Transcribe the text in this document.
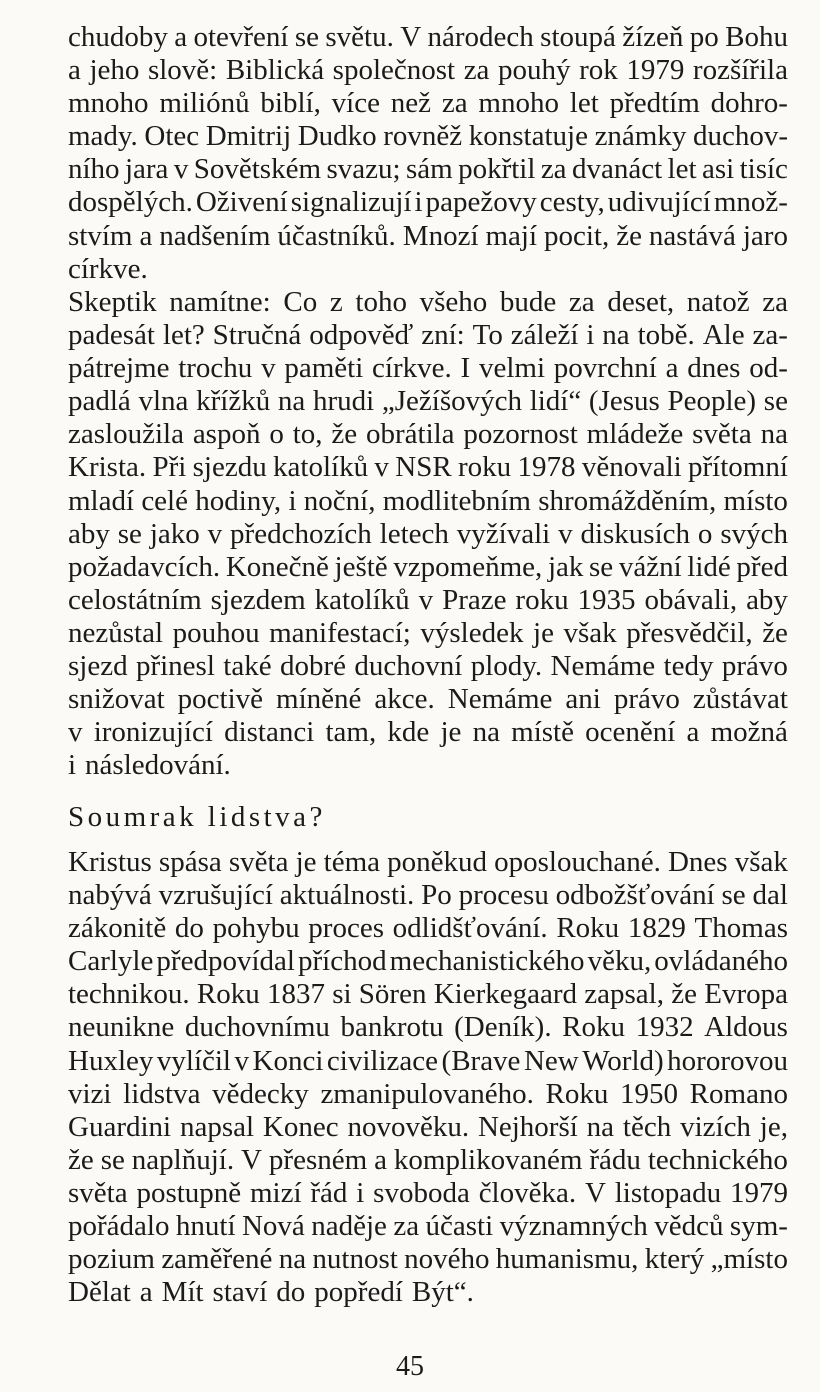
chudoby a otevření se světu. V národech stoupá žízeň po Bohu
a jeho slově: Biblická společnost za pouhý rok 1979 rozšířila
mnoho miliónů biblí, více než za mnoho let předtím dohro-
mady. Otec Dmitrij Dudko rovněž konstatuje známky duchov-
ního jara v Sovětském svazu; sám pokřtil za dvanáct let asi tisíc
dospělých. Oživení signalizují i papežovy cesty, udivující množ-
stvím a nadšením účastníků. Mnozí mají pocit, že nastává jaro
církve.
Skeptik namítne: Co z toho všeho bude za deset, natož za
padesát let? Stručná odpověď zní: To záleží i na tobě. Ale za-
pátrejme trochu v paměti církve. I velmi povrchní a dnes od-
padlá vlna křížků na hrudi „Ježíšových lidí“ (Jesus People) se
zasloužila aspoň o to, že obrátila pozornost mládeže světa na
Krista. Při sjezdu katolíků v NSR roku 1978 věnovali přítomní
mladí celé hodiny, i noční, modlitebním shromážděním, místo
aby se jako v předchozích letech vyžívali v diskusích o svých
požadavcích. Konečně ještě vzpomeňme, jak se vážní lidé před
celostátním sjezdem katolíků v Praze roku 1935 obávali, aby
nezůstal pouhou manifestací; výsledek je však přesvědčil, že
sjezd přinesl také dobré duchovní plody. Nemáme tedy právo
snižovat poctivě míněné akce. Nemáme ani právo zůstávat
v ironizující distanci tam, kde je na místě ocenění a možná
i následování.
Soumrak lidstva?
Kristus spása světa je téma poněkud oposlouchané. Dnes však
nabývá vzrušující aktuálnosti. Po procesu odbožšťování se dal
zákonitě do pohybu proces odlidšťování. Roku 1829 Thomas
Carlyle předpovídal příchod mechanistického věku, ovládaného
technikou. Roku 1837 si Sören Kierkegaard zapsal, že Evropa
neunikne duchovnímu bankrotu (Deník). Roku 1932 Aldous
Huxley vylíčil v Konci civilizace (Brave New World) hororovou
vizi lidstva vědecky zmanipulovaného. Roku 1950 Romano
Guardini napsal Konec novověku. Nejhorší na těch vizích je,
že se naplňují. V přesném a komplikovaném řádu technického
světa postupně mizí řád i svoboda člověka. V listopadu 1979
pořádalo hnutí Nová naděje za účasti významných vědců sym-
pozium zaměřené na nutnost nového humanismu, který „místo
Dělat a Mít staví do popředí Být“.
45
